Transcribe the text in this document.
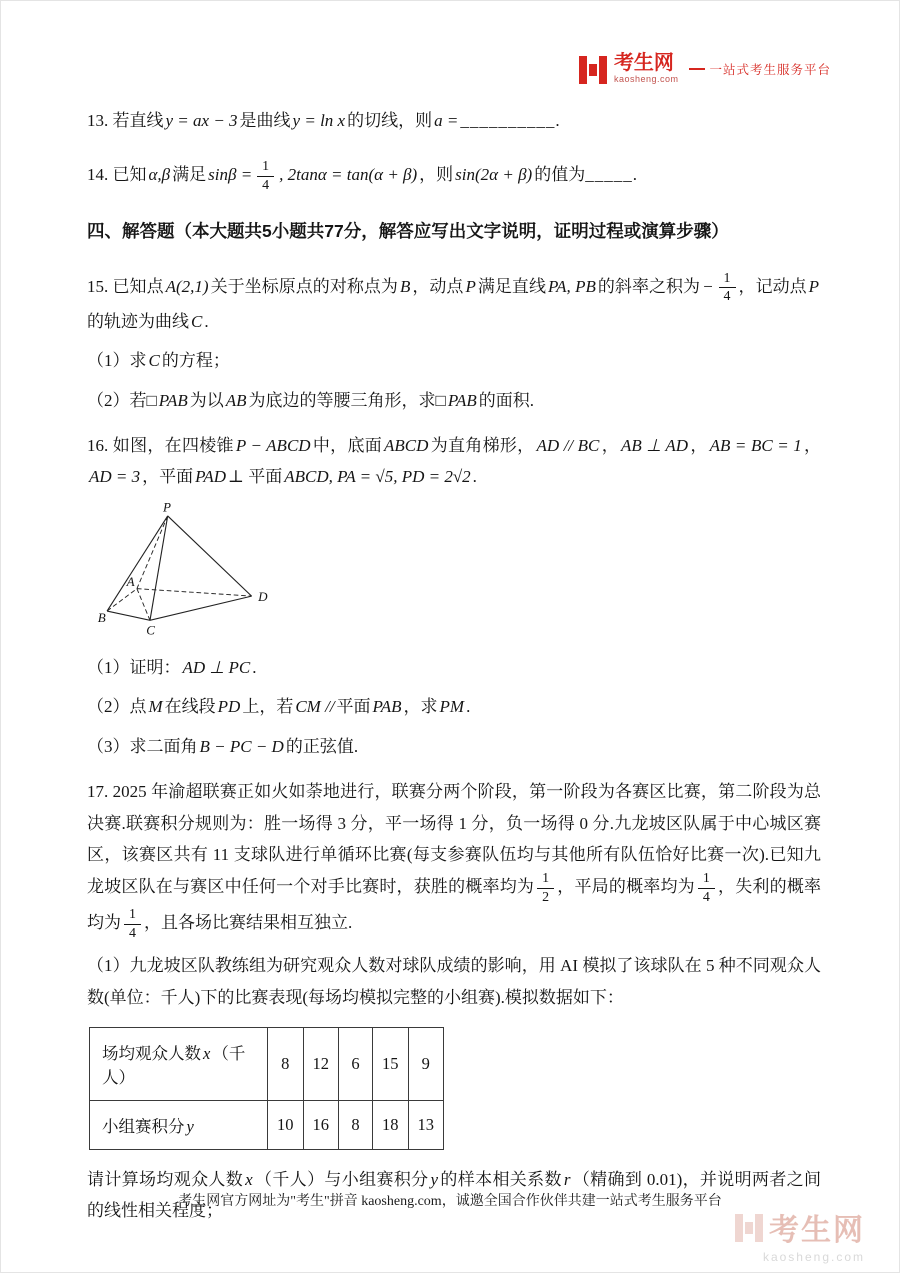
考生网
kaosheng.com
一站式考生服务平台

13. 若直线 y = ax − 3 是曲线 y = ln x 的切线，则 a = __________.

14. 已知 α,β 满足 $\sin\beta = \frac{1}{4}$ , 2tanα = tan(α + β) ，则 sin(2α + β) 的值为_____.

四、解答题（本大题共5小题共77分，解答应写出文字说明，证明过程或演算步骤）

15. 已知点 A(2,1) 关于坐标原点的对称点为 B ，动点 P 满足直线 PA, PB 的斜率之积为 − $\frac{1}{4}$ ，记动点 P的轨迹为曲线 C .

（1）求 C 的方程；

（2）若□ PAB 为以 AB 为底边的等腰三角形，求□ PAB 的面积.

16. 如图，在四棱锥 P − ABCD 中，底面 ABCD 为直角梯形， AD // BC ， AB ⊥ AD ， AB = BC = 1 ，AD = 3 ，平面 PAD ⊥ 平面 ABCD, PA = √5, PD = 2√2 .

P
A
B
C
D

（1）证明： AD ⊥ PC .

（2）点 M 在线段 PD 上，若 CM // 平面 PAB ，求 PM .

（3）求二面角 B − PC − D 的正弦值.

17. 2025 年渝超联赛正如火如荼地进行，联赛分两个阶段，第一阶段为各赛区比赛，第二阶段为总决赛.联赛积分规则为：胜一场得 3 分，平一场得 1 分，负一场得 0 分.九龙坡区队属于中心城区赛区，该赛区共有 11 支球队进行单循环比赛(每支参赛队伍均与其他所有队伍恰好比赛一次).已知九龙坡区队在与赛区中任何一个对手比赛时，获胜的概率均为 $\frac{1}{2}$ ，平局的概率均为 $\frac{1}{4}$ ，失利的概率均为 $\frac{1}{4}$ ，且各场比赛结果相互独立.

（1）九龙坡区队教练组为研究观众人数对球队成绩的影响，用 AI 模拟了该球队在 5 种不同观众人数(单位：千人)下的比赛表现(每场均模拟完整的小组赛).模拟数据如下：

场均观众人数 x （千人）	8	12	6	15	9
小组赛积分 y	10	16	8	18	13

请计算场均观众人数 x （千人）与小组赛积分 y 的样本相关系数 r （精确到 0.01)，并说明两者之间的线性相关程度；

考生网官方网址为"考生"拼音 kaosheng.com，诚邀全国合作伙伴共建一站式考生服务平台
考生网
kaosheng.com
